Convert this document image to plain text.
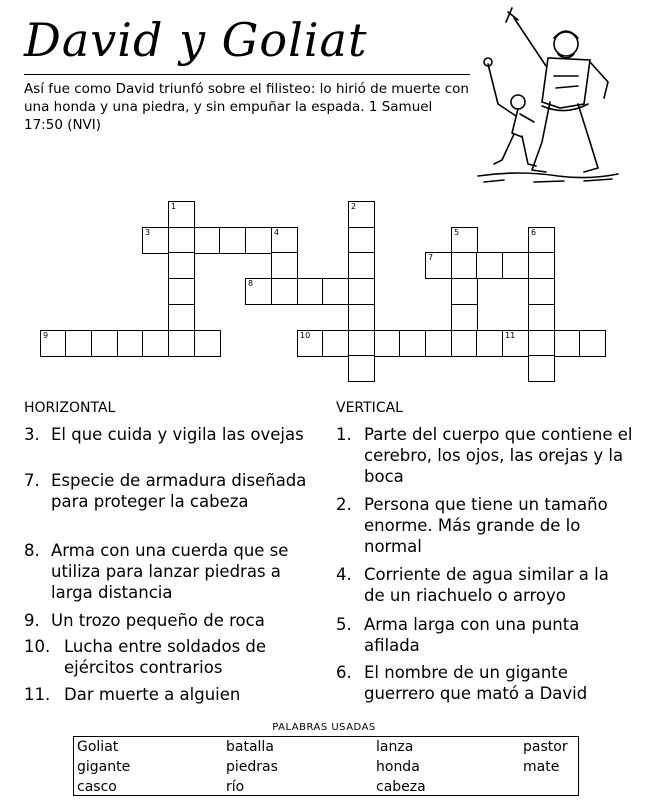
David y Goliat
Así fue como David triunfó sobre el filisteo: lo hirió de muerte con una honda y una piedra, y sin empuñar la espada. 1 Samuel 17:50 (NVI)
1	2
3	4	5	6
7
8
9	10	11
HORIZONTAL	VERTICAL
3. El que cuida y vigila las ovejas
7. Especie de armadura diseñada para proteger la cabeza
8. Arma con una cuerda que se utiliza para lanzar piedras a larga distancia
9. Un trozo pequeño de roca
10. Lucha entre soldados de ejércitos contrarios
11. Dar muerte a alguien
1. Parte del cuerpo que contiene el cerebro, los ojos, las orejas y la boca
2. Persona que tiene un tamaño enorme. Más grande de lo normal
4. Corriente de agua similar a la de un riachuelo o arroyo
5. Arma larga con una punta afilada
6. El nombre de un gigante guerrero que mató a David
PALABRAS USADAS
Goliat	batalla	lanza	pastor
gigante	piedras	honda	mate
casco	río	cabeza
